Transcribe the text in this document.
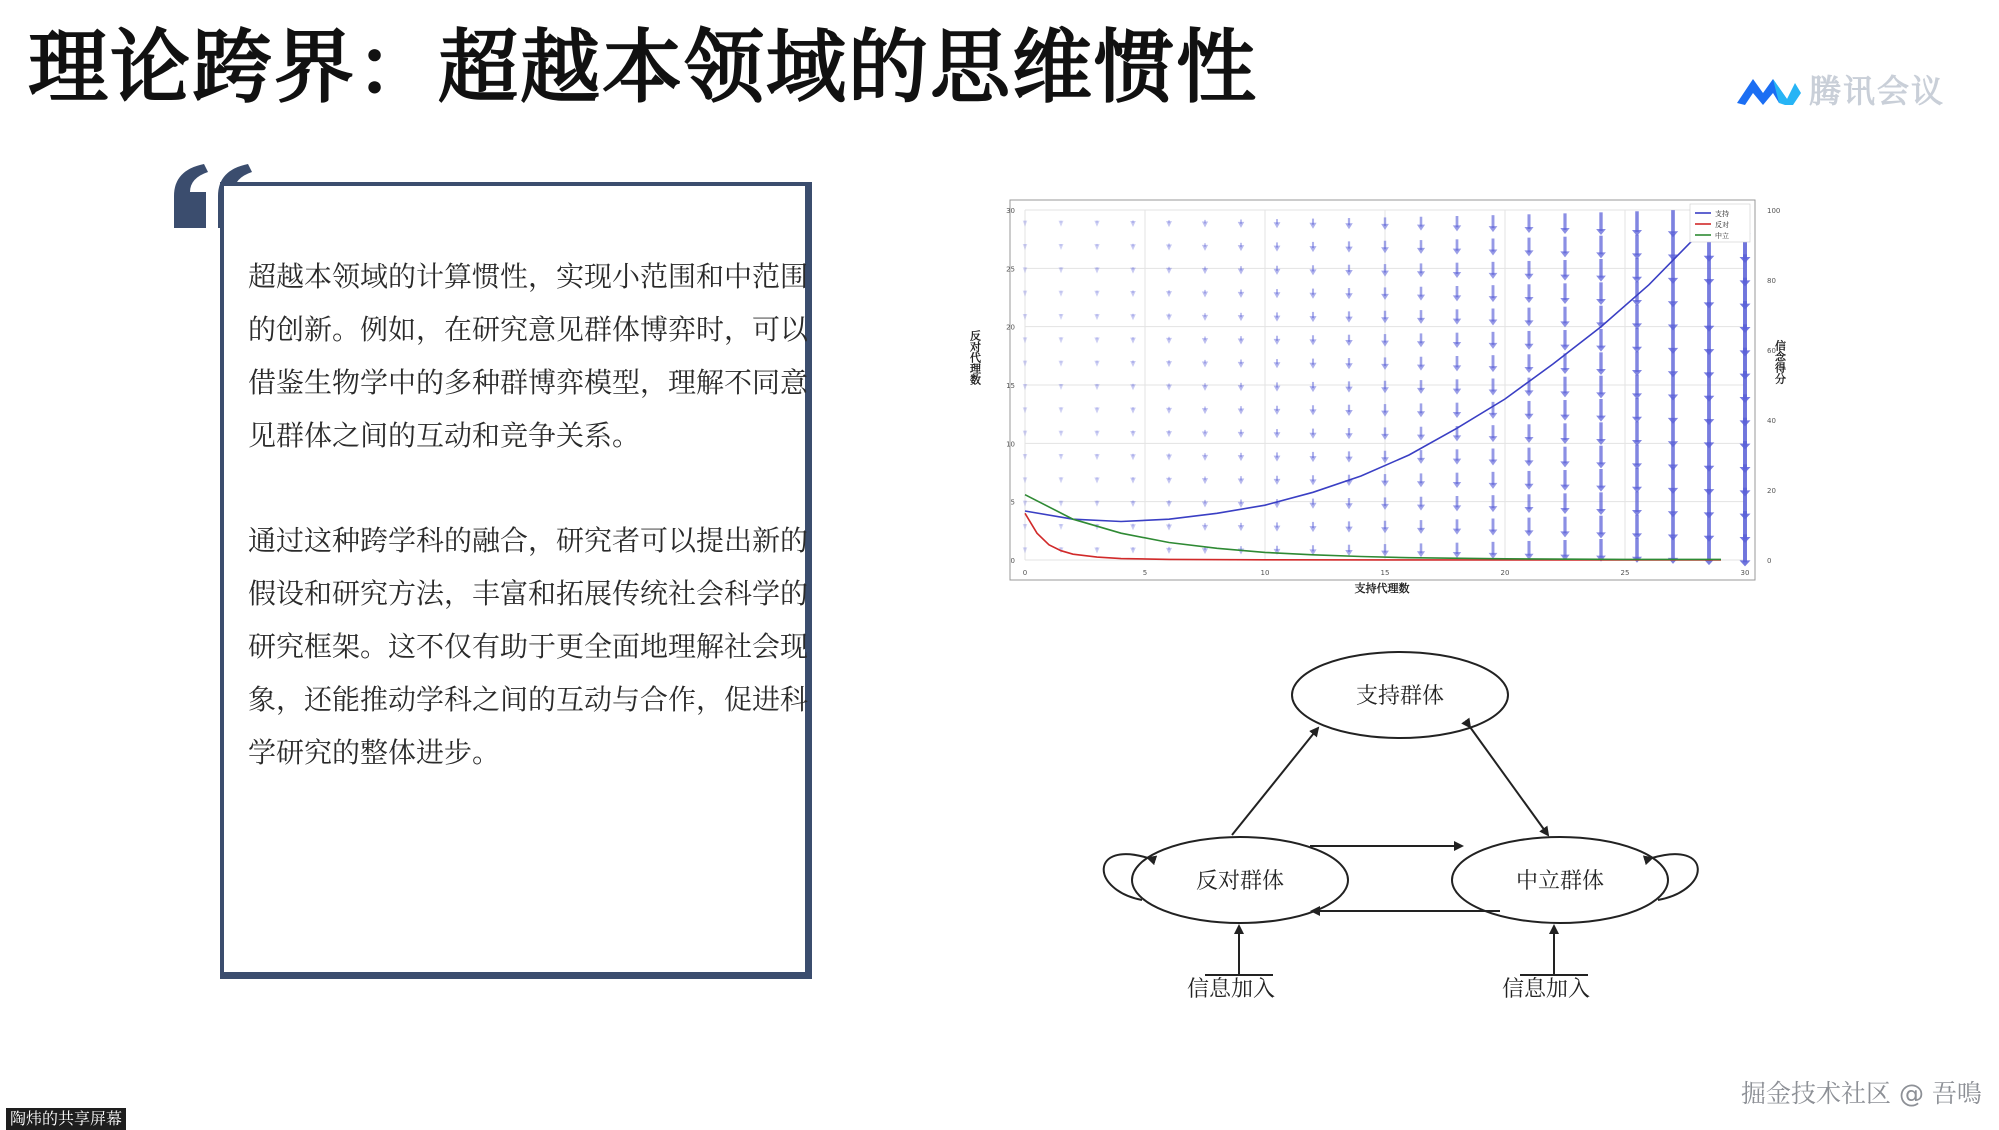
理论跨界：超越本领域的思维惯性	腾讯会议

超越本领域的计算惯性，实现小范围和中范围的创新。例如，在研究意见群体博弈时，可以借鉴生物学中的多种群博弈模型，理解不同意见群体之间的互动和竞争关系。

通过这种跨学科的融合，研究者可以提出新的假设和研究方法，丰富和拓展传统社会科学的研究框架。这不仅有助于更全面地理解社会现象，还能推动学科之间的互动与合作，促进科学研究的整体进步。

0	5	10	15	20	25	30
0
5
10
15
20
25
30
0
20
40
60
80
100
支持代理数
反对代理数	信念得分
支持
反对
中立
支持群体
反对群体	中立群体
信息加入	信息加入
掘金技术社区 @ 吾鳴
陶炜的共享屏幕
